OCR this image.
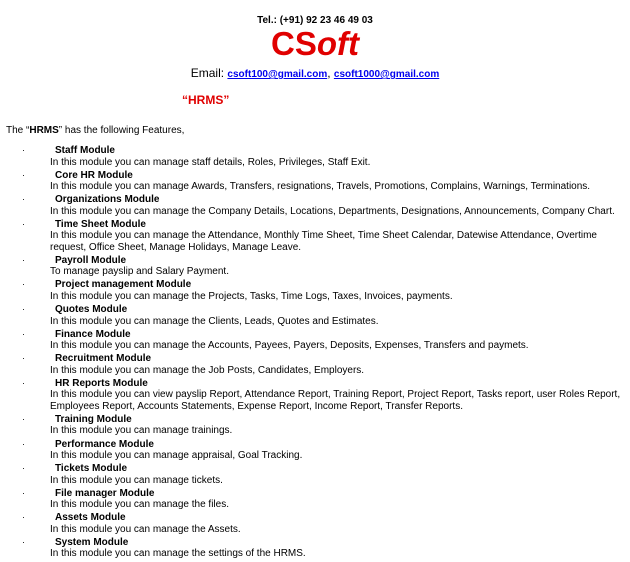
Tel.: (+91) 92 23 46 49 03
CSoft
Email: csoft100@gmail.com, csoft1000@gmail.com
“HRMS”
The “HRMS” has the following Features,
·	Staff Module
In this module you can manage staff details, Roles, Privileges, Staff Exit.
·	Core HR Module
In this module you can manage Awards, Transfers, resignations, Travels, Promotions, Complains, Warnings, Terminations.
·	Organizations Module
In this module you can manage the Company Details, Locations, Departments, Designations, Announcements, Company Chart.
·	Time Sheet Module
In this module you can manage the Attendance, Monthly Time Sheet, Time Sheet Calendar, Datewise Attendance, Overtime request, Office Sheet, Manage Holidays, Manage Leave.
·	Payroll Module
To manage payslip and Salary Payment.
·	Project management Module
In this module you can manage the Projects, Tasks, Time Logs, Taxes, Invoices, payments.
·	Quotes Module
In this module you can manage the Clients, Leads, Quotes and Estimates.
·	Finance Module
In this module you can manage the Accounts, Payees, Payers, Deposits, Expenses, Transfers and paymets.
·	Recruitment Module
In this module you can manage the Job Posts, Candidates, Employers.
·	HR Reports Module
In this module you can view payslip Report, Attendance Report, Training Report, Project Report, Tasks report, user Roles Report, Employees Report, Accounts Statements, Expense Report, Income Report, Transfer Reports.
·	Training Module
In this module you can manage trainings.
·	Performance Module
In this module you can manage appraisal, Goal Tracking.
·	Tickets Module
In this module you can manage tickets.
·	File manager Module
In this module you can manage the files.
·	Assets Module
In this module you can manage the Assets.
·	System Module
In this module you can manage the settings of the HRMS.
